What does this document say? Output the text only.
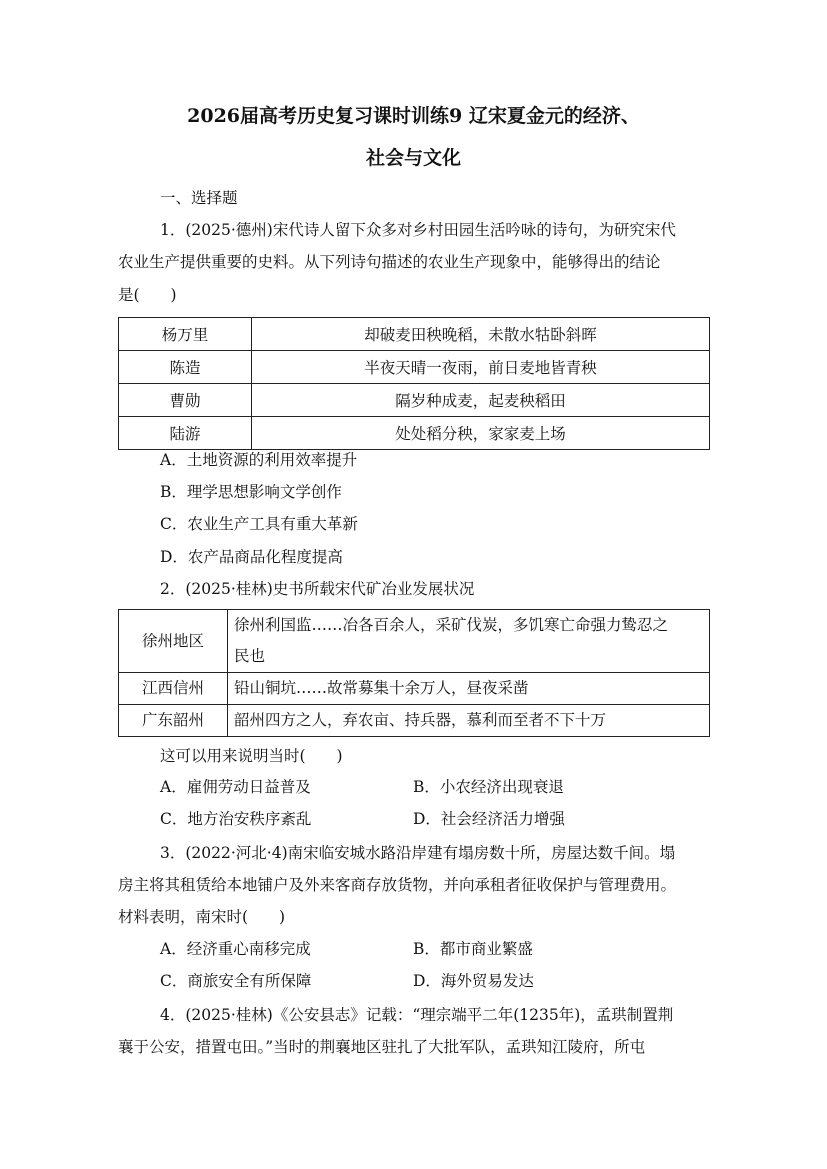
2026届高考历史复习课时训练9 辽宋夏金元的经济、
社会与文化
一、选择题
1．(2025·德州)宋代诗人留下众多对乡村田园生活吟咏的诗句，为研究宋代
农业生产提供重要的史料。从下列诗句描述的农业生产现象中，能够得出的结论
是(　　)
杨万里	却破麦田秧晚稻，未散水牯卧斜晖
陈造	半夜天晴一夜雨，前日麦地皆青秧
曹勋	隔岁种成麦，起麦秧稻田
陆游	处处稻分秧，家家麦上场
A．土地资源的利用效率提升
B．理学思想影响文学创作
C．农业生产工具有重大革新
D．农产品商品化程度提高
2．(2025·桂林)史书所载宋代矿冶业发展状况
徐州地区	徐州利国监……冶各百余人，采矿伐炭，多饥寒亡命强力鸷忍之
民也

江西信州	铅山铜坑……故常募集十余万人，昼夜采凿
广东韶州	韶州四方之人，弃农亩、持兵器，慕利而至者不下十万
这可以用来说明当时(　　)
A．雇佣劳动日益普及	B．小农经济出现衰退
C．地方治安秩序紊乱	D．社会经济活力增强
3．(2022·河北·4)南宋临安城水路沿岸建有塌房数十所，房屋达数千间。塌
房主将其租赁给本地铺户及外来客商存放货物，并向承租者征收保护与管理费用。
材料表明，南宋时(　　)
A．经济重心南移完成	B．都市商业繁盛
C．商旅安全有所保障	D．海外贸易发达
4．(2025·桂林)《公安县志》记载：“理宗端平二年(1235年)，孟珙制置荆
襄于公安，措置屯田。”当时的荆襄地区驻扎了大批军队，孟珙知江陵府，所屯
